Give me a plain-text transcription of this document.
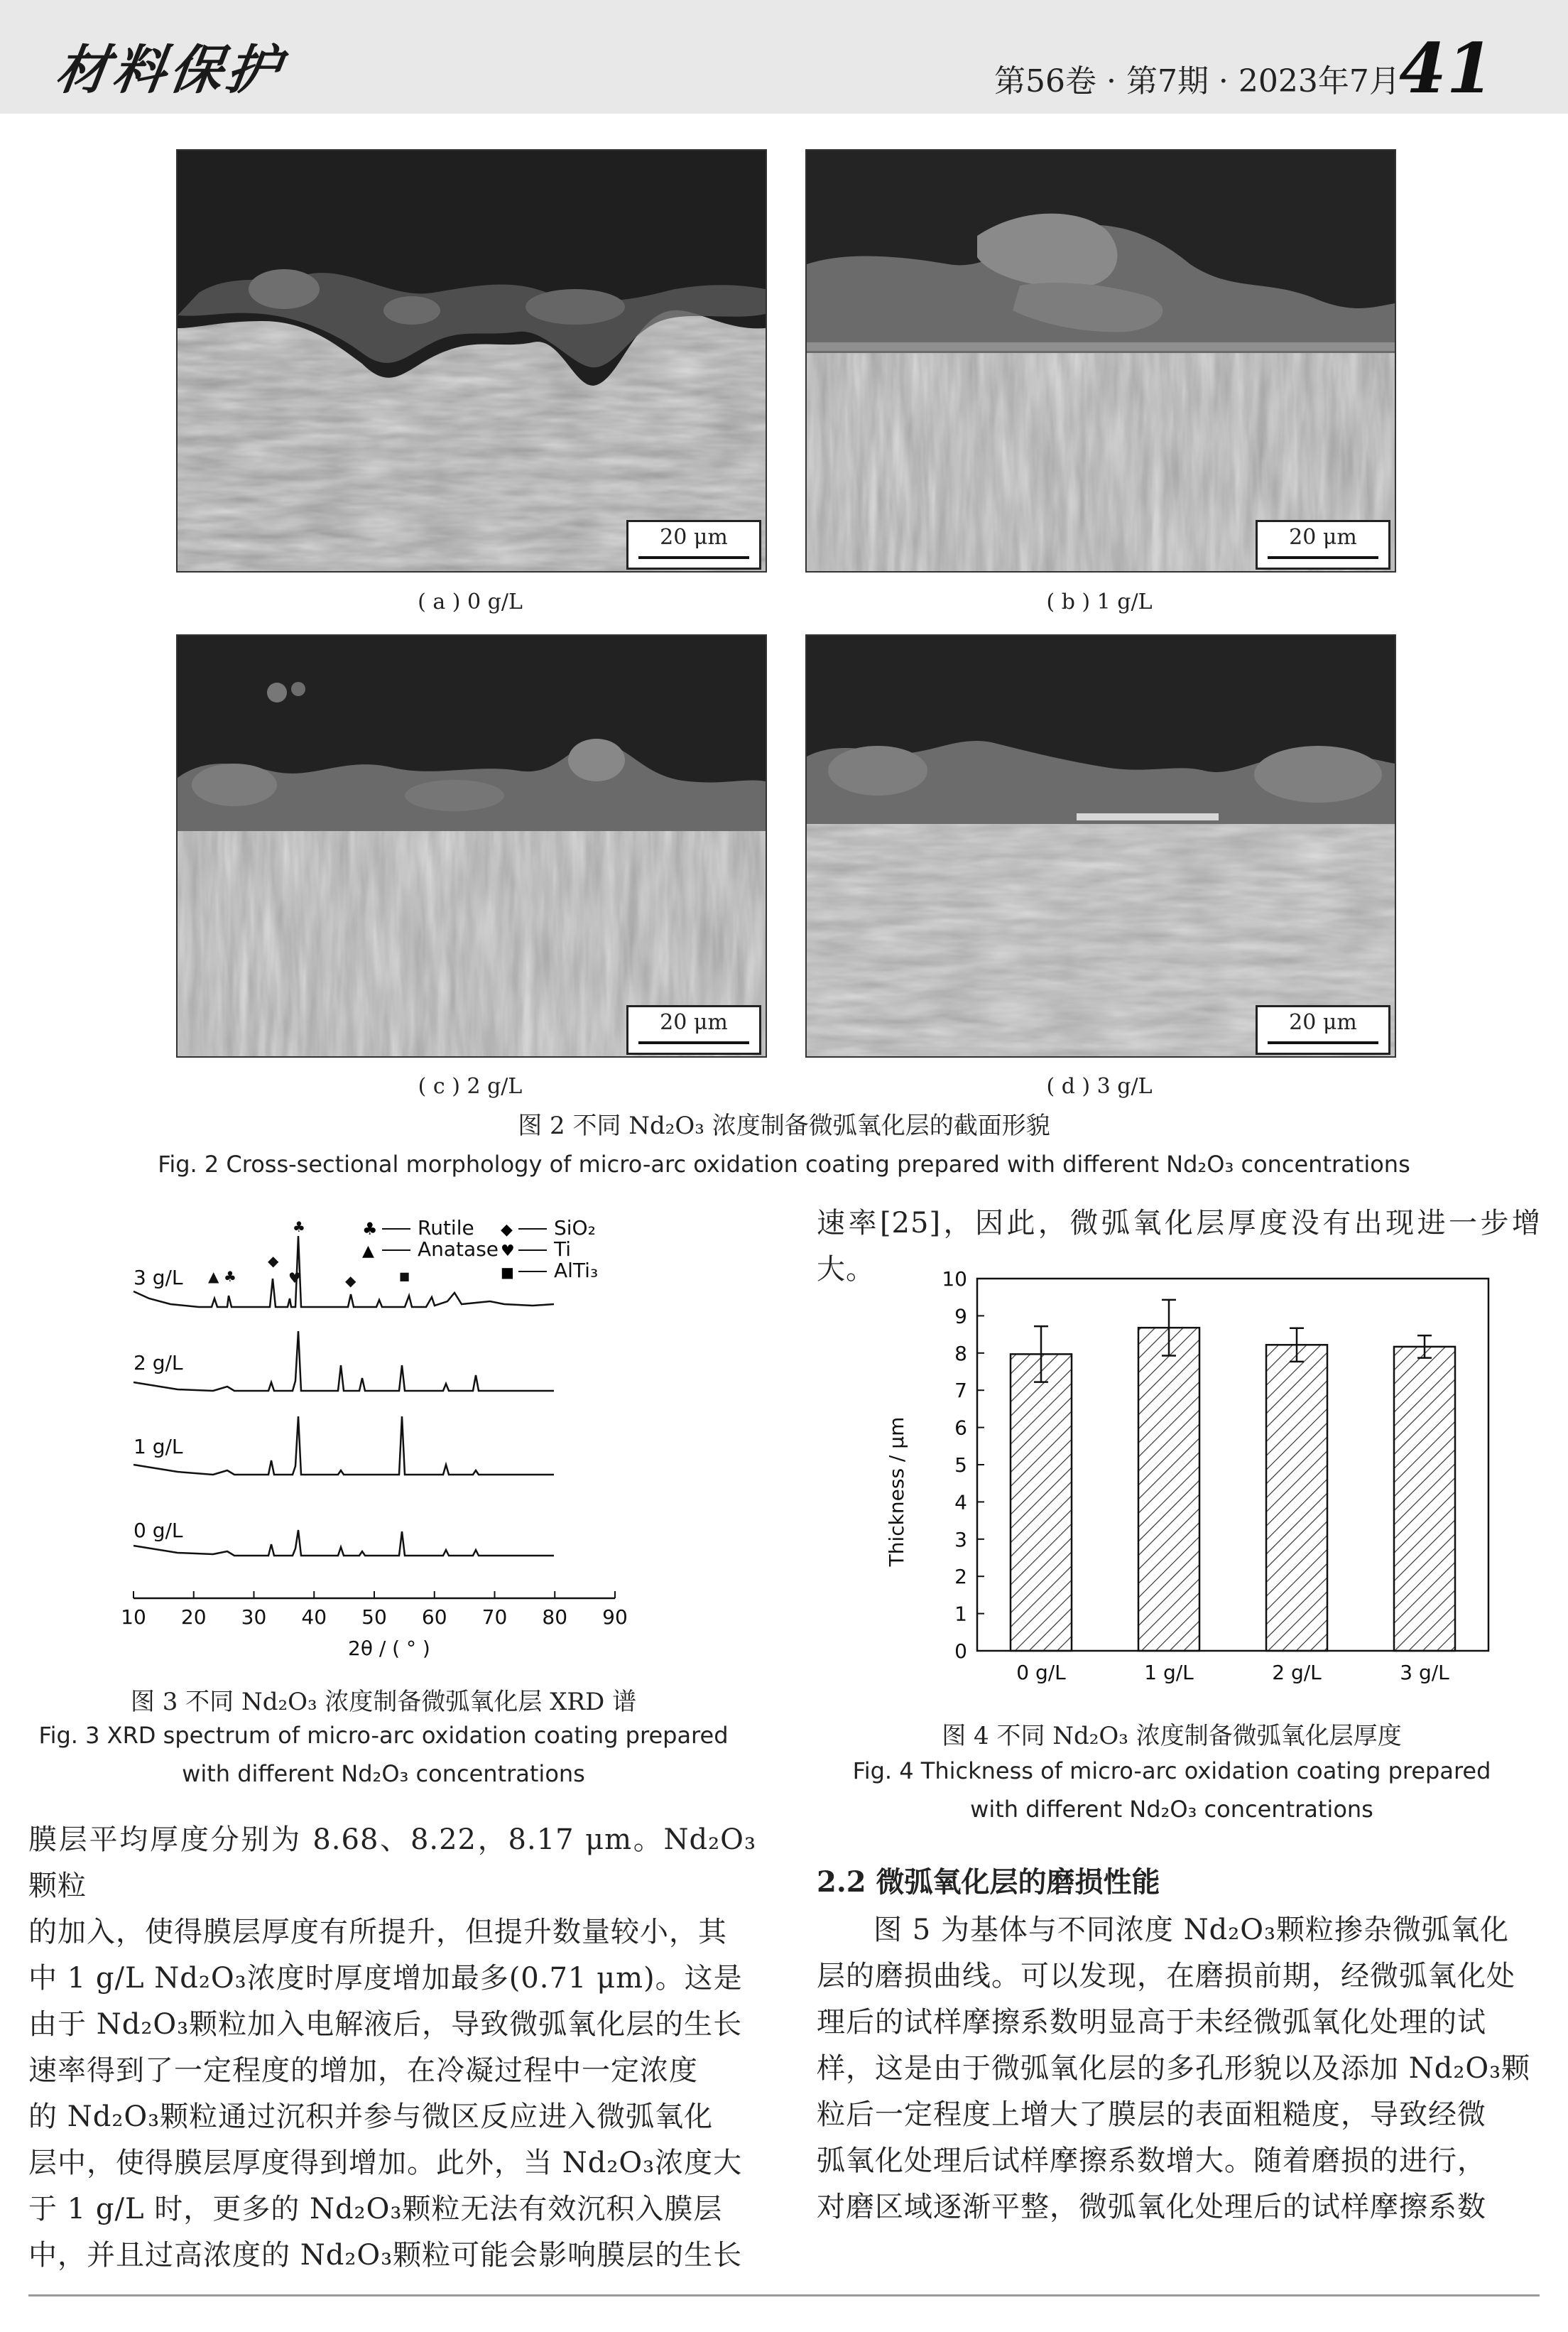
材料保护	第56卷 · 第7期 · 2023年7月
41
20 μm
( a ) 0 g/L
20 μm
( b ) 1 g/L
20 μm
( c ) 2 g/L
20 μm
( d ) 3 g/L
图 2 不同 Nd₂O₃ 浓度制备微弧氧化层的截面形貌
Fig. 2 Cross-sectional morphology of micro-arc oxidation coating prepared with different Nd₂O₃ concentrations
♣ Rutile
▲ Anatase
◆ SiO₂
♥ Ti
■ AlTi₃
3 g/L
2 g/L
1 g/L
0 g/L
▲ ♣
◆
♥
♣
◆	■
10 20 30 40 50 60 70 80 90
2θ / ( ° )
图 3 不同 Nd₂O₃ 浓度制备微弧氧化层 XRD 谱
Fig. 3 XRD spectrum of micro-arc oxidation coating prepared
with different Nd₂O₃ concentrations
速率[25]，因此，微弧氧化层厚度没有出现进一步增大。
Thickness / μm
0
1
2
3
4
5
6
7
8
9
10
0 g/L	1 g/L	2 g/L	3 g/L
图 4 不同 Nd₂O₃ 浓度制备微弧氧化层厚度
Fig. 4 Thickness of micro-arc oxidation coating prepared
with different Nd₂O₃ concentrations
膜层平均厚度分别为 8.68、8.22，8.17 μm。Nd₂O₃颗粒
的加入，使得膜层厚度有所提升，但提升数量较小，其
中 1 g/L Nd₂O₃浓度时厚度增加最多(0.71 μm)。这是
由于 Nd₂O₃颗粒加入电解液后，导致微弧氧化层的生长
速率得到了一定程度的增加，在冷凝过程中一定浓度
的 Nd₂O₃颗粒通过沉积并参与微区反应进入微弧氧化
层中，使得膜层厚度得到增加。此外，当 Nd₂O₃浓度大
于 1 g/L 时，更多的 Nd₂O₃颗粒无法有效沉积入膜层
中，并且过高浓度的 Nd₂O₃颗粒可能会影响膜层的生长
2.2 微弧氧化层的磨损性能
图 5 为基体与不同浓度 Nd₂O₃颗粒掺杂微弧氧化
层的磨损曲线。可以发现，在磨损前期，经微弧氧化处
理后的试样摩擦系数明显高于未经微弧氧化处理的试
样，这是由于微弧氧化层的多孔形貌以及添加 Nd₂O₃颗
粒后一定程度上增大了膜层的表面粗糙度，导致经微
弧氧化处理后试样摩擦系数增大。随着磨损的进行，
对磨区域逐渐平整，微弧氧化处理后的试样摩擦系数
